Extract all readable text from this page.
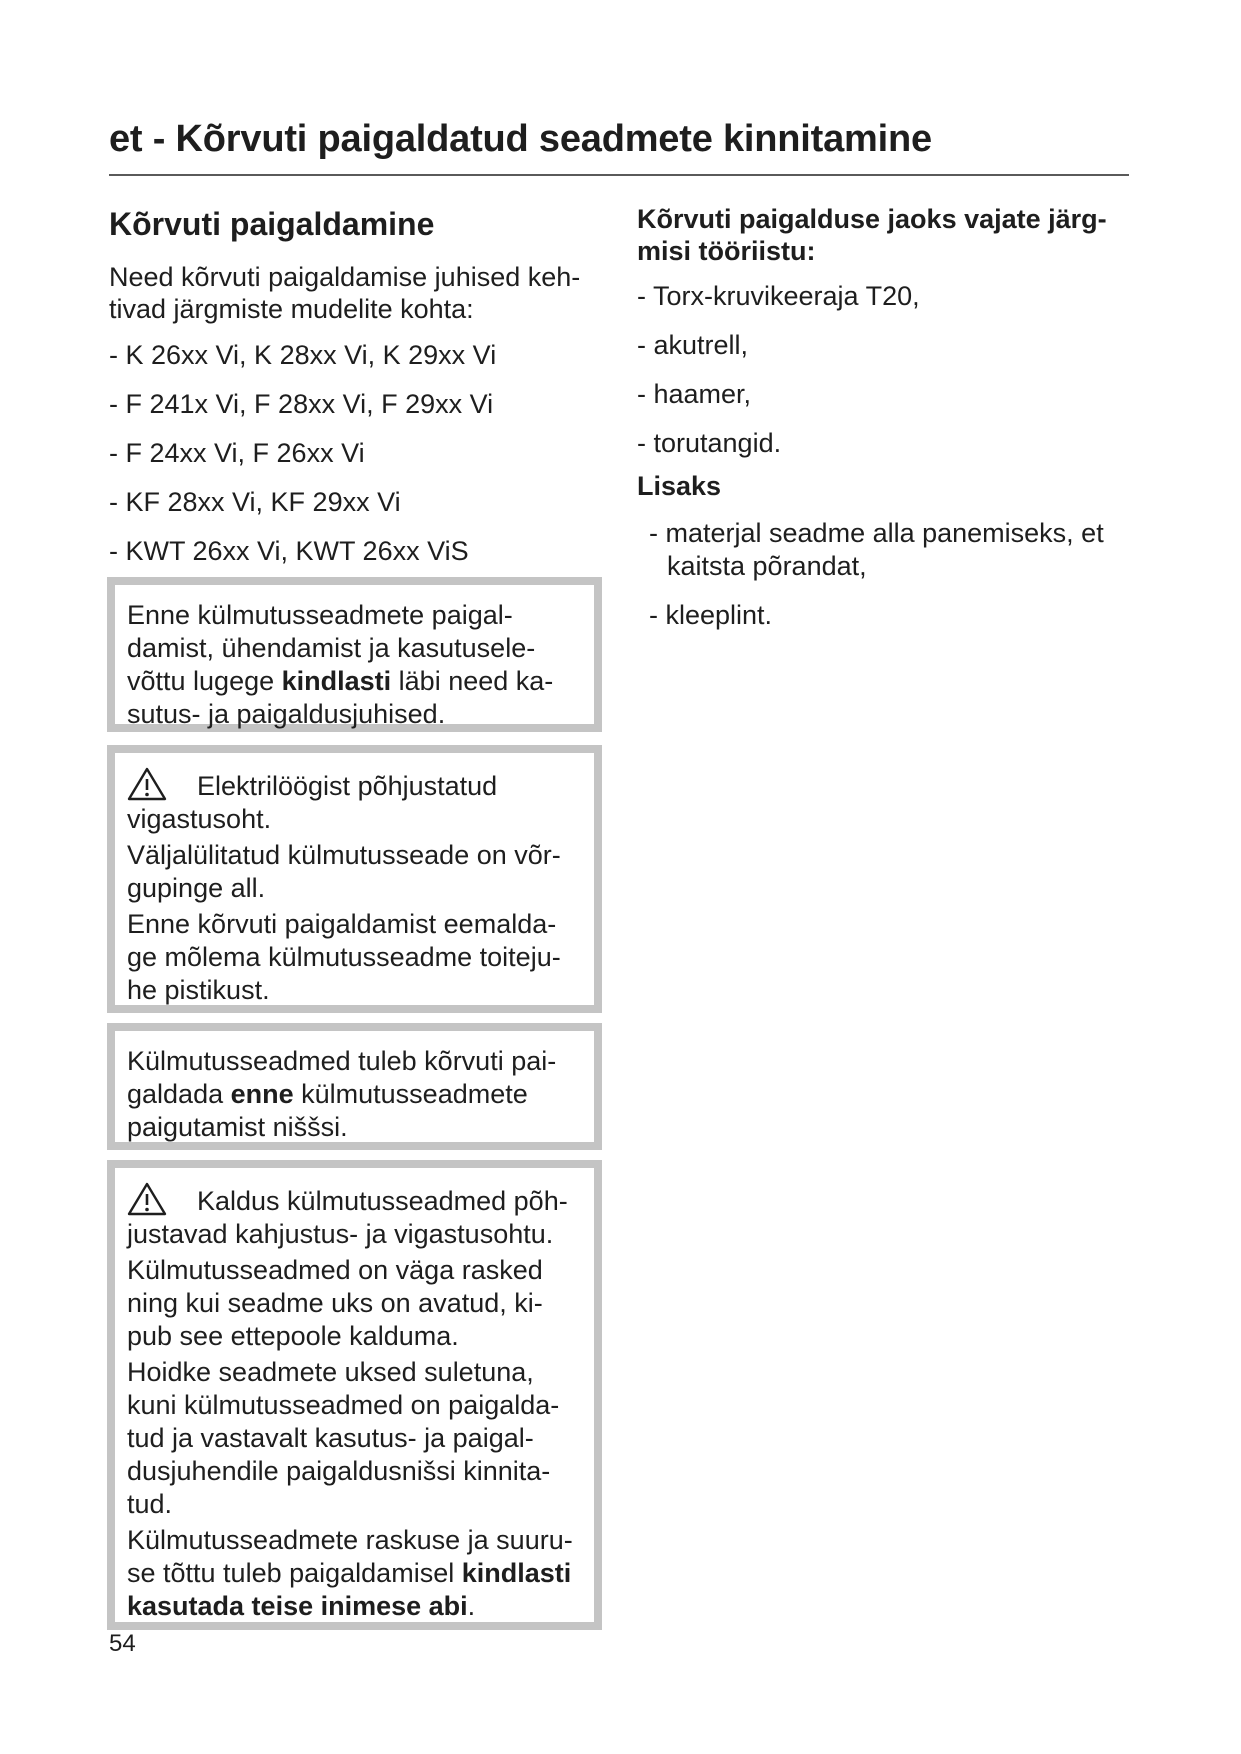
et - Kõrvuti paigaldatud seadmete kinnitamine
Kõrvuti paigaldamine

Need kõrvuti paigaldamise juhised keh-tivad järgmiste mudelite kohta:

- K 26xx Vi, K 28xx Vi, K 29xx Vi
- F 241x Vi, F 28xx Vi, F 29xx Vi
- F 24xx Vi, F 26xx Vi
- KF 28xx Vi, KF 29xx Vi
- KWT 26xx Vi, KWT 26xx ViS

Enne külmutusseadmete paigal-damist, ühendamist ja kasutusele-võttu lugege kindlasti läbi need ka-sutus- ja paigaldusjuhised.

Elektrilöögist põhjustatud vigastusoht.

Väljalülitatud külmutusseade on võr-gupinge all.

Enne kõrvuti paigaldamist eemalda-ge mõlema külmutusseadme toiteju-he pistikust.

Külmutusseadmed tuleb kõrvuti pai-galdada enne külmutusseadmete paigutamist niššsi.

Kaldus külmutusseadmed põh-justavad kahjustus- ja vigastusohtu.

Külmutusseadmed on väga rasked ning kui seadme uks on avatud, ki-pub see ettepoole kalduma.

Hoidke seadmete uksed suletuna, kuni külmutusseadmed on paigalda-tud ja vastavalt kasutus- ja paigal-dusjuhendile paigaldusnišsi kinnita-tud.

Külmutusseadmete raskuse ja suuru-se tõttu tuleb paigaldamisel kindlasti kasutada teise inimese abi.

Kõrvuti paigalduse jaoks vajate järg-misi tööriistu:

- Torx-kruvikeeraja T20,
- akutrell,
- haamer,
- torutangid.

Lisaks

- materjal seadme alla panemiseks, et kaitsta põrandat,
- kleeplint.
54
